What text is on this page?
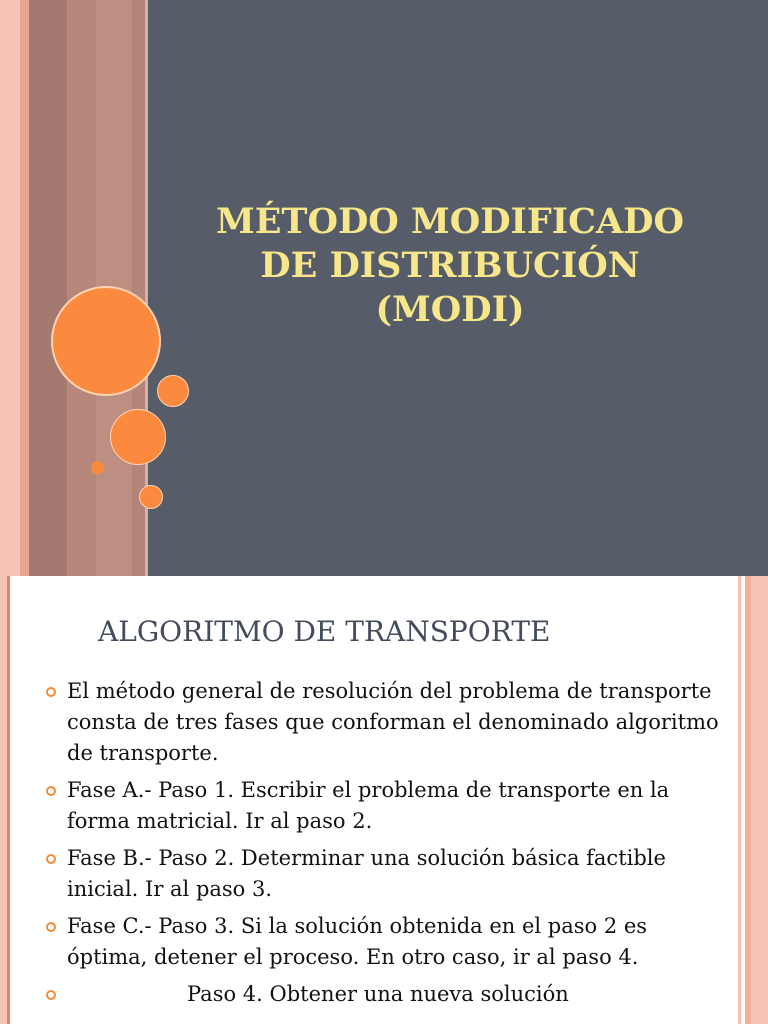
MÉTODO MODIFICADO
DE DISTRIBUCIÓN
(MODI)
ALGORITMO DE TRANSPORTE
El método general de resolución del problema de transporte consta de tres fases que conforman el denominado algoritmo de transporte.
Fase A.- Paso 1. Escribir el problema de transporte en la forma matricial. Ir al paso 2.
Fase B.- Paso 2. Determinar una solución básica factible inicial. Ir al paso 3.
Fase C.- Paso 3. Si la solución obtenida en el paso 2 es óptima, detener el proceso. En otro caso, ir al paso 4.
Paso 4. Obtener una nueva solución
